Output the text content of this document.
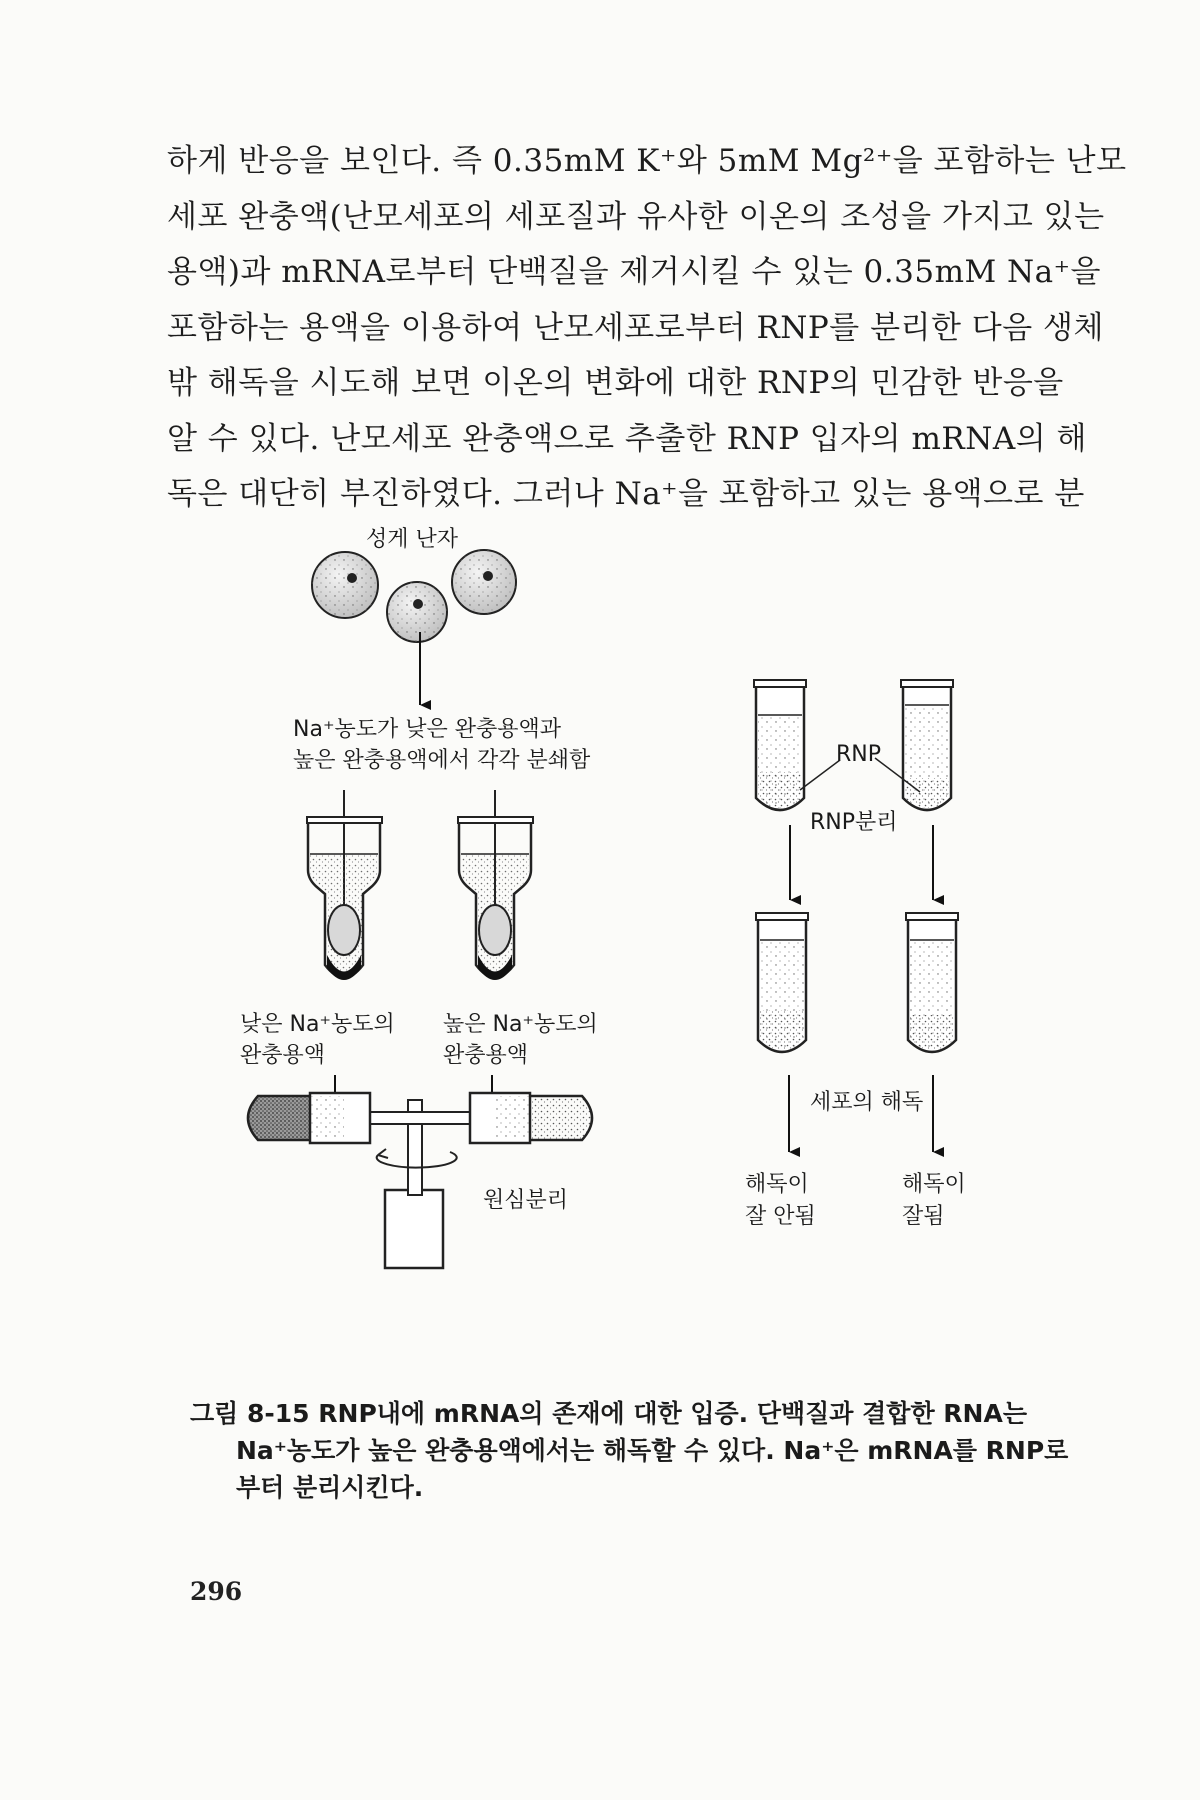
하게 반응을 보인다. 즉 0.35mM K⁺와 5mM Mg²⁺을 포함하는 난모
세포 완충액(난모세포의 세포질과 유사한 이온의 조성을 가지고 있는
용액)과 mRNA로부터 단백질을 제거시킬 수 있는 0.35mM Na⁺을
포함하는 용액을 이용하여 난모세포로부터 RNP를 분리한 다음 생체
밖 해독을 시도해 보면 이온의 변화에 대한 RNP의 민감한 반응을
알 수 있다. 난모세포 완충액으로 추출한 RNP 입자의 mRNA의 해
독은 대단히 부진하였다. 그러나 Na⁺을 포함하고 있는 용액으로 분
성게 난자
Na⁺농도가 낮은 완충용액과
높은 완충용액에서 각각 분쇄함
낮은 Na⁺농도의
완충용액
높은 Na⁺농도의
완충용액
원심분리
RNP
RNP분리
세포의 해독
해독이
잘 안됨
해독이
잘됨
그림 8-15 RNP내에 mRNA의 존재에 대한 입증. 단백질과 결합한 RNA는
Na⁺농도가 높은 완충용액에서는 해독할 수 있다. Na⁺은 mRNA를 RNP로
부터 분리시킨다.
296
